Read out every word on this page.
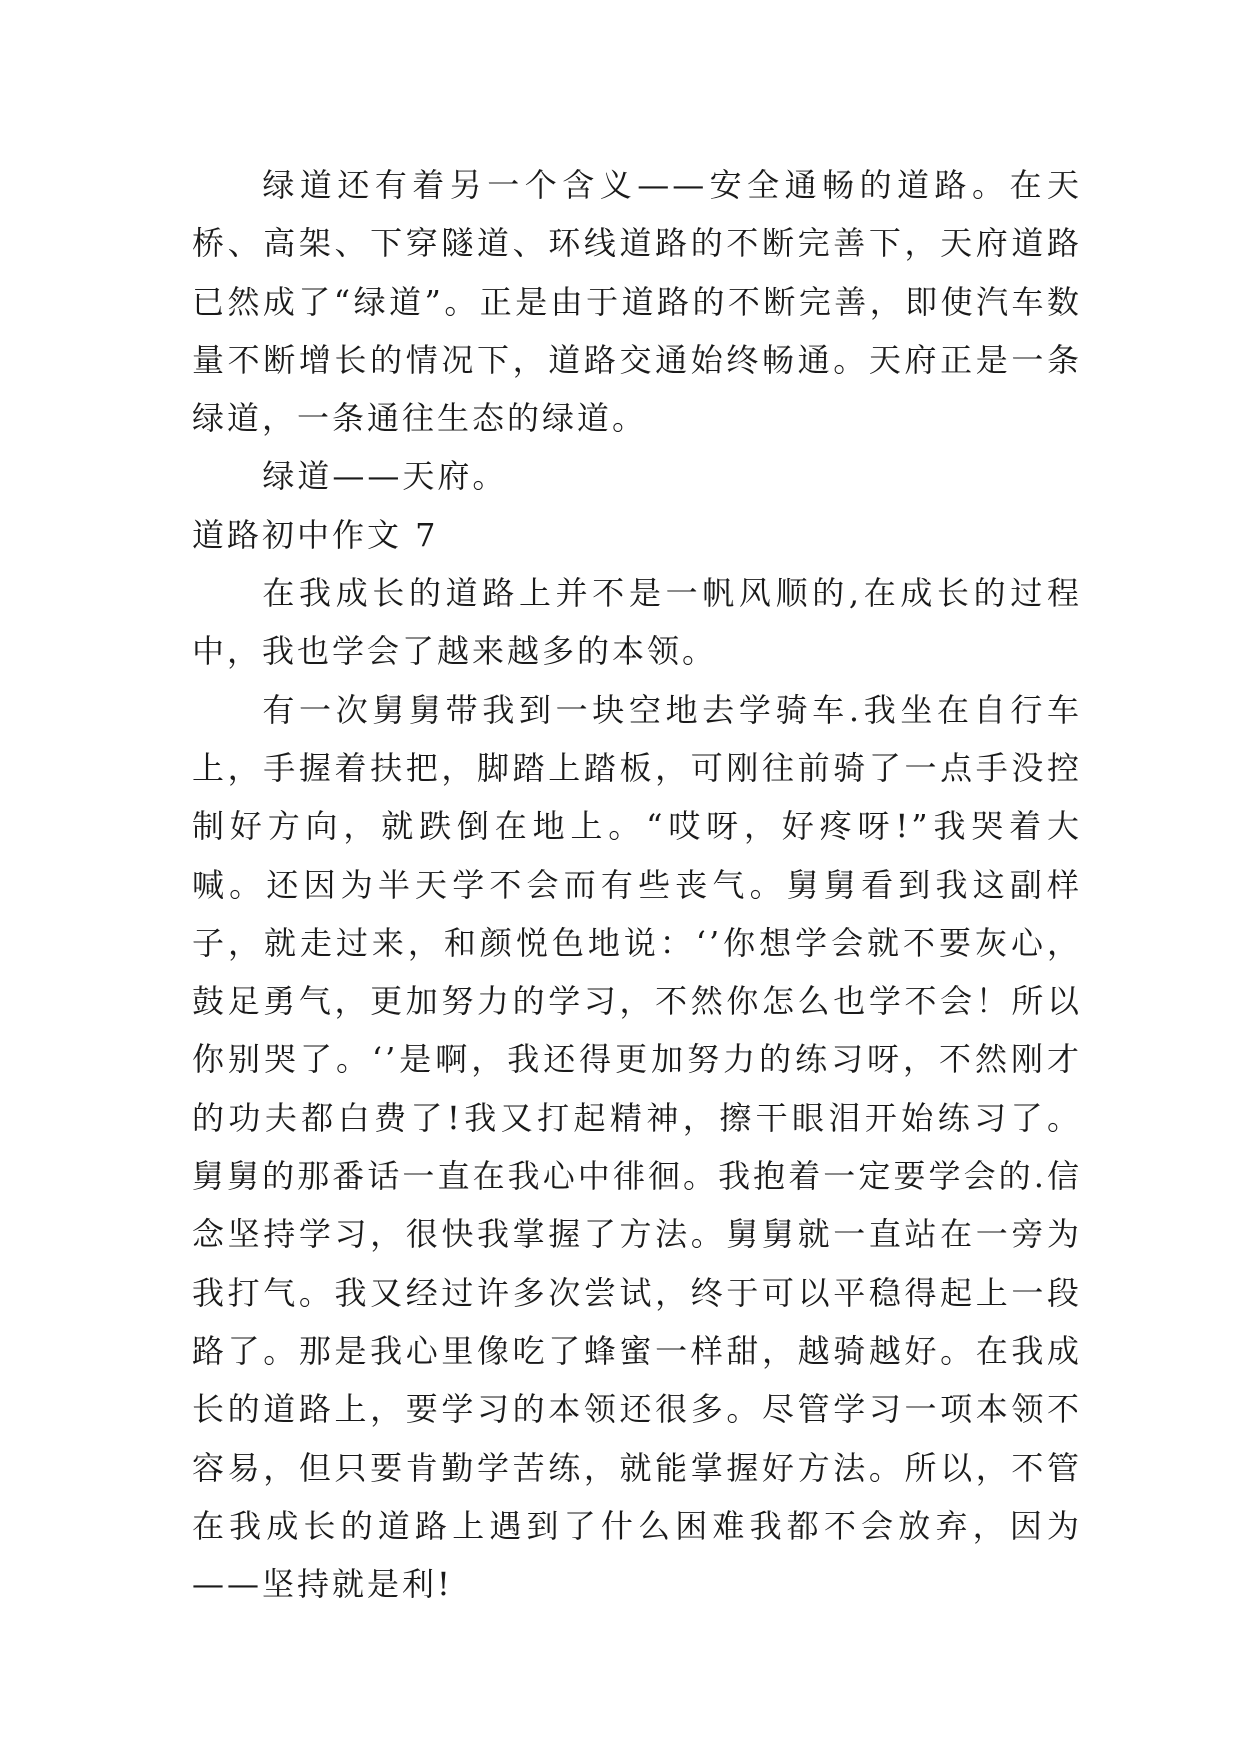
绿道还有着另一个含义——安全通畅的道路。在天桥、高架、下穿隧道、环线道路的不断完善下，天府道路已然成了“绿道”。正是由于道路的不断完善，即使汽车数量不断增长的情况下，道路交通始终畅通。天府正是一条绿道，一条通往生态的绿道。

绿道——天府。

道路初中作文 7

在我成长的道路上并不是一帆风顺的,在成长的过程中，我也学会了越来越多的本领。

有一次舅舅带我到一块空地去学骑车.我坐在自行车上，手握着扶把，脚踏上踏板，可刚往前骑了一点手没控制好方向，就跌倒在地上。“哎呀，好疼呀!”我哭着大喊。还因为半天学不会而有些丧气。舅舅看到我这副样子，就走过来，和颜悦色地说：‘’你想学会就不要灰心，鼓足勇气，更加努力的学习，不然你怎么也学不会！所以你别哭了。‘’是啊，我还得更加努力的练习呀，不然刚才的功夫都白费了!我又打起精神，擦干眼泪开始练习了。舅舅的那番话一直在我心中徘徊。我抱着一定要学会的.信念坚持学习，很快我掌握了方法。舅舅就一直站在一旁为我打气。我又经过许多次尝试，终于可以平稳得起上一段路了。那是我心里像吃了蜂蜜一样甜，越骑越好。在我成长的道路上，要学习的本领还很多。尽管学习一项本领不容易，但只要肯勤学苦练，就能掌握好方法。所以，不管在我成长的道路上遇到了什么困难我都不会放弃，因为——坚持就是利!
